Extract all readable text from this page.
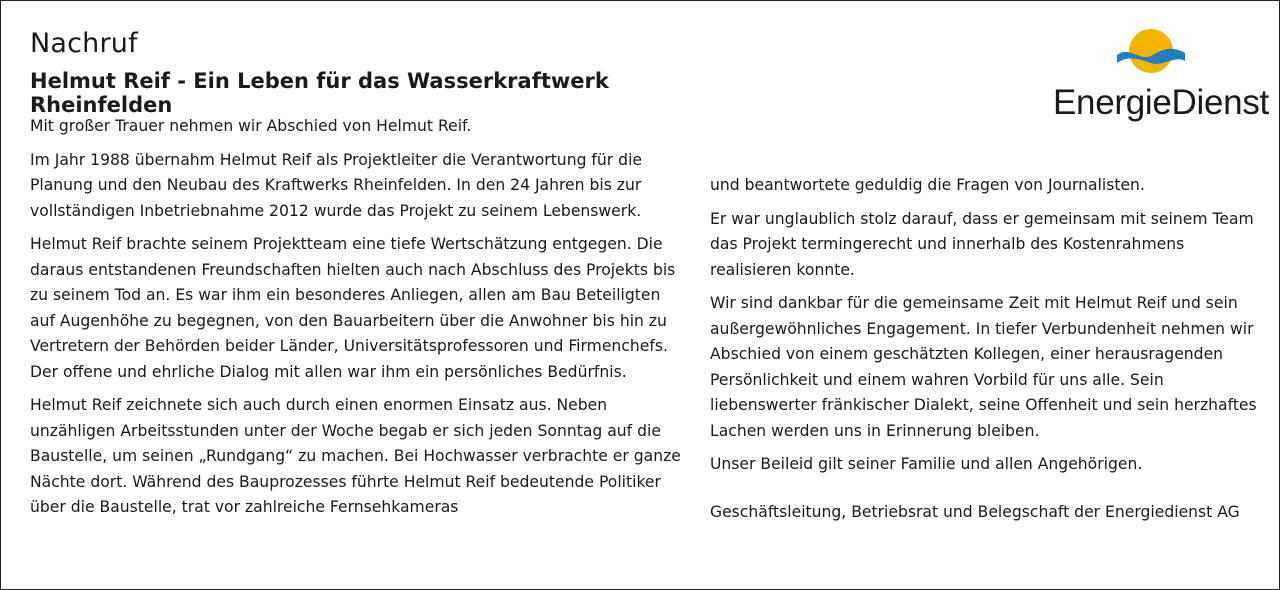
Nachruf
Helmut Reif - Ein Leben für das Wasserkraftwerk Rheinfelden

Mit großer Trauer nehmen wir Abschied von Helmut Reif.

Im Jahr 1988 übernahm Helmut Reif als Projektleiter die Verantwortung für die Planung und den Neubau des Kraftwerks Rheinfelden. In den 24 Jahren bis zur vollständigen Inbetriebnahme 2012 wurde das Projekt zu seinem Lebenswerk.

Helmut Reif brachte seinem Projektteam eine tiefe Wertschätzung entgegen. Die daraus entstandenen Freundschaften hielten auch nach Abschluss des Projekts bis zu seinem Tod an. Es war ihm ein besonderes Anliegen, allen am Bau Beteiligten auf Augenhöhe zu begegnen, von den Bauarbeitern über die Anwohner bis hin zu Vertretern der Behörden beider Länder, Universitätsprofessoren und Firmenchefs. Der offene und ehrliche Dialog mit allen war ihm ein persönliches Bedürfnis.

Helmut Reif zeichnete sich auch durch einen enormen Einsatz aus. Neben unzähligen Arbeitsstunden unter der Woche begab er sich jeden Sonntag auf die Baustelle, um seinen „Rundgang“ zu machen. Bei Hochwasser verbrachte er ganze Nächte dort. Während des Bauprozesses führte Helmut Reif bedeutende Politiker über die Baustelle, trat vor zahlreiche Fernsehkameras

und beantwortete geduldig die Fragen von Journalisten.

Er war unglaublich stolz darauf, dass er gemeinsam mit seinem Team das Projekt termingerecht und innerhalb des Kostenrahmens realisieren konnte.

Wir sind dankbar für die gemeinsame Zeit mit Helmut Reif und sein außergewöhnliches Engagement. In tiefer Verbundenheit nehmen wir Abschied von einem geschätzten Kollegen, einer herausragenden Persönlichkeit und einem wahren Vorbild für uns alle. Sein liebenswerter fränkischer Dialekt, seine Offenheit und sein herzhaftes Lachen werden uns in Erinnerung bleiben.

Unser Beileid gilt seiner Familie und allen Angehörigen.

Geschäftsleitung, Betriebsrat und Belegschaft der Energiedienst AG

EnergieDienst
